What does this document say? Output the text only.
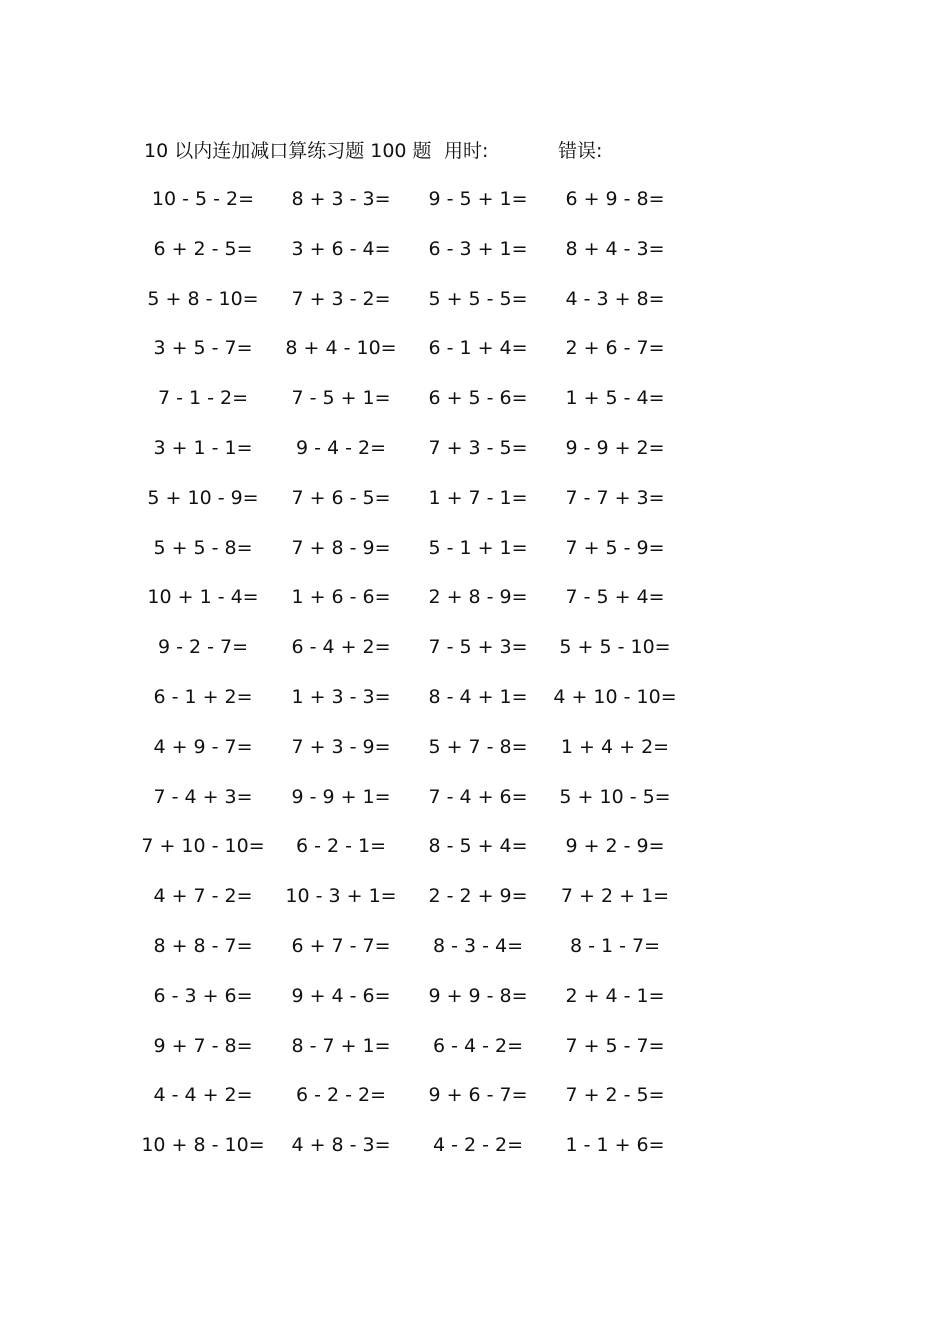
10 以内连加减口算练习题 100 题 用时:	错误:
10 - 5 - 2=	8 + 3 - 3=	9 - 5 + 1=	6 + 9 - 8=
6 + 2 - 5=	3 + 6 - 4=	6 - 3 + 1=	8 + 4 - 3=
5 + 8 - 10=	7 + 3 - 2=	5 + 5 - 5=	4 - 3 + 8=
3 + 5 - 7=	8 + 4 - 10=	6 - 1 + 4=	2 + 6 - 7=
7 - 1 - 2=	7 - 5 + 1=	6 + 5 - 6=	1 + 5 - 4=
3 + 1 - 1=	9 - 4 - 2=	7 + 3 - 5=	9 - 9 + 2=
5 + 10 - 9=	7 + 6 - 5=	1 + 7 - 1=	7 - 7 + 3=
5 + 5 - 8=	7 + 8 - 9=	5 - 1 + 1=	7 + 5 - 9=
10 + 1 - 4=	1 + 6 - 6=	2 + 8 - 9=	7 - 5 + 4=
9 - 2 - 7=	6 - 4 + 2=	7 - 5 + 3=	5 + 5 - 10=
6 - 1 + 2=	1 + 3 - 3=	8 - 4 + 1=	4 + 10 - 10=
4 + 9 - 7=	7 + 3 - 9=	5 + 7 - 8=	1 + 4 + 2=
7 - 4 + 3=	9 - 9 + 1=	7 - 4 + 6=	5 + 10 - 5=
7 + 10 - 10=	6 - 2 - 1=	8 - 5 + 4=	9 + 2 - 9=
4 + 7 - 2=	10 - 3 + 1=	2 - 2 + 9=	7 + 2 + 1=
8 + 8 - 7=	6 + 7 - 7=	8 - 3 - 4=	8 - 1 - 7=
6 - 3 + 6=	9 + 4 - 6=	9 + 9 - 8=	2 + 4 - 1=
9 + 7 - 8=	8 - 7 + 1=	6 - 4 - 2=	7 + 5 - 7=
4 - 4 + 2=	6 - 2 - 2=	9 + 6 - 7=	7 + 2 - 5=
10 + 8 - 10=	4 + 8 - 3=	4 - 2 - 2=	1 - 1 + 6=
